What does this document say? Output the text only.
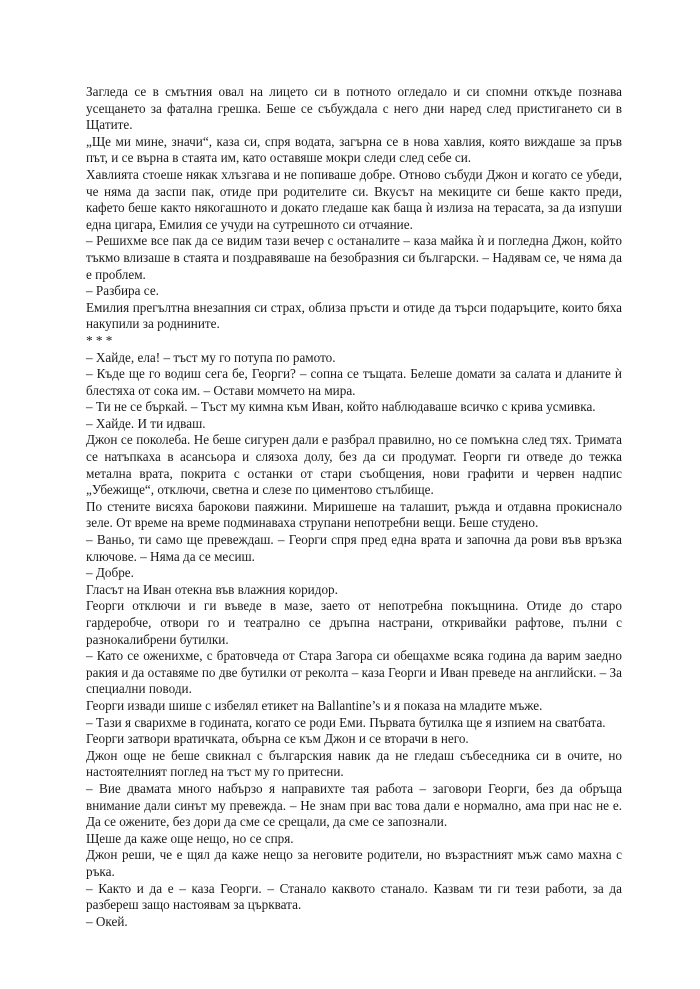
Загледа се в смътния овал на лицето си в потното огледало и си спомни откъде познава усещането за фатална грешка. Беше се събуждала с него дни наред след пристигането си в Щатите.

„Ще ми мине, значи“, каза си, спря водата, загърна се в нова хавлия, която виждаше за пръв път, и се върна в стаята им, като оставяше мокри следи след себе си.

Хавлията стоеше някак хлъзгава и не попиваше добре. Отново събуди Джон и когато се убеди, че няма да заспи пак, отиде при родителите си. Вкусът на мекиците си беше както преди, кафето беше както някогашното и докато гледаше как баща ѝ излиза на терасата, за да изпуши една цигара, Емилия се учуди на сутрешното си отчаяние.

– Решихме все пак да се видим тази вечер с останалите – каза майка ѝ и погледна Джон, който тъкмо влизаше в стаята и поздравяваше на безобразния си български. – Надявам се, че няма да е проблем.

– Разбира се.

Емилия прегълтна внезапния си страх, облиза пръсти и отиде да търси подаръците, които бяха накупили за роднините.

* * *

– Хайде, ела! – тъст му го потупа по рамото.

– Къде ще го водиш сега бе, Георги? – сопна се тъщата. Белеше домати за салата и дланите ѝ блестяха от сока им. – Остави момчето на мира.

– Ти не се бъркай. – Тъст му кимна към Иван, който наблюдаваше всичко с крива усмивка.

– Хайде. И ти идваш.

Джон се поколеба. Не беше сигурен дали е разбрал правилно, но се помъкна след тях. Тримата се натъпкаха в асансьора и слязоха долу, без да си продумат. Георги ги отведе до тежка метална врата, покрита с останки от стари съобщения, нови графити и червен надпис „Убежище“, отключи, светна и слезе по циментово стълбище.

По стените висяха барокови паяжини. Миришеше на талашит, ръжда и отдавна прокиснало зеле. От време на време подминаваха струпани непотребни вещи. Беше студено.

– Ваньо, ти само ще превеждаш. – Георги спря пред една врата и започна да рови във връзка ключове. – Няма да се месиш.

– Добре.

Гласът на Иван отекна във влажния коридор.

Георги отключи и ги въведе в мазе, заето от непотребна покъщнина. Отиде до старо гардеробче, отвори го и театрално се дръпна настрани, откривайки рафтове, пълни с разнокалибрени бутилки.

– Като се оженихме, с братовчеда от Стара Загора си обещахме всяка година да варим заедно ракия и да оставяме по две бутилки от реколта – каза Георги и Иван преведе на английски. – За специални поводи.

Георги извади шише с избелял етикет на Ballantine’s и я показа на младите мъже.

– Тази я сварихме в годината, когато се роди Еми. Първата бутилка ще я изпием на сватбата.

Георги затвори вратичката, обърна се към Джон и се вторачи в него.

Джон още не беше свикнал с българския навик да не гледаш събеседника си в очите, но настоятелният поглед на тъст му го притесни.

– Вие двамата много набързо я направихте тая работа – заговори Георги, без да обръща внимание дали синът му превежда. – Не знам при вас това дали е нормално, ама при нас не е. Да се ожените, без дори да сме се срещали, да сме се запознали.

Щеше да каже още нещо, но се спря.

Джон реши, че е щял да каже нещо за неговите родители, но възрастният мъж само махна с ръка.

– Както и да е – каза Георги. – Станало каквото станало. Казвам ти ги тези работи, за да разбереш защо настоявам за църквата.

– Окей.
